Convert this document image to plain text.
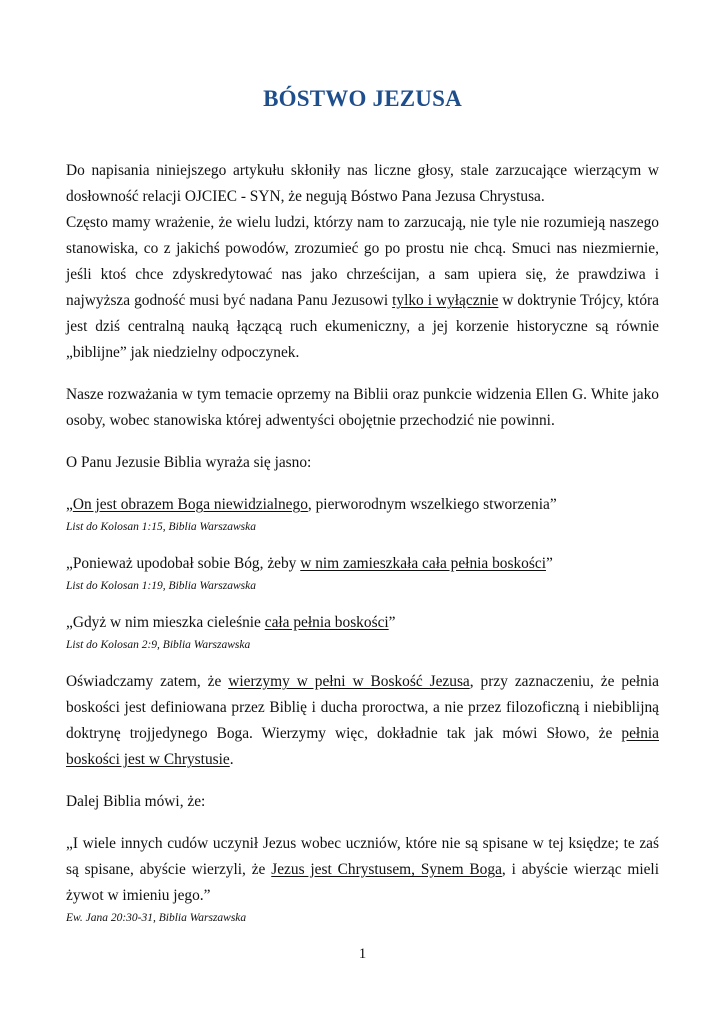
BÓSTWO JEZUSA

Do napisania niniejszego artykułu skłoniły nas liczne głosy, stale zarzucające wierzącym w dosłowność relacji OJCIEC - SYN, że negują Bóstwo Pana Jezusa Chrystusa.

Często mamy wrażenie, że wielu ludzi, którzy nam to zarzucają, nie tyle nie rozumieją naszego stanowiska, co z jakichś powodów, zrozumieć go po prostu nie chcą. Smuci nas niezmiernie, jeśli ktoś chce zdyskredytować nas jako chrześcijan, a sam upiera się, że prawdziwa i najwyższa godność musi być nadana Panu Jezusowi tylko i wyłącznie w doktrynie Trójcy, która jest dziś centralną nauką łączącą ruch ekumeniczny, a jej korzenie historyczne są równie „biblijne” jak niedzielny odpoczynek.

Nasze rozważania w tym temacie oprzemy na Biblii oraz punkcie widzenia Ellen G. White jako osoby, wobec stanowiska której adwentyści obojętnie przechodzić nie powinni.

O Panu Jezusie Biblia wyraża się jasno:

„On jest obrazem Boga niewidzialnego, pierworodnym wszelkiego stworzenia”

List do Kolosan 1:15, Biblia Warszawska

„Ponieważ upodobał sobie Bóg, żeby w nim zamieszkała cała pełnia boskości”

List do Kolosan 1:19, Biblia Warszawska

„Gdyż w nim mieszka cieleśnie cała pełnia boskości”

List do Kolosan 2:9, Biblia Warszawska

Oświadczamy zatem, że wierzymy w pełni w Boskość Jezusa, przy zaznaczeniu, że pełnia boskości jest definiowana przez Biblię i ducha proroctwa, a nie przez filozoficzną i niebiblijną doktrynę trojjedynego Boga. Wierzymy więc, dokładnie tak jak mówi Słowo, że pełnia boskości jest w Chrystusie.

Dalej Biblia mówi, że:

„I wiele innych cudów uczynił Jezus wobec uczniów, które nie są spisane w tej księdze; te zaś są spisane, abyście wierzyli, że Jezus jest Chrystusem, Synem Boga, i abyście wierząc mieli żywot w imieniu jego.”

Ew. Jana 20:30-31, Biblia Warszawska

1
